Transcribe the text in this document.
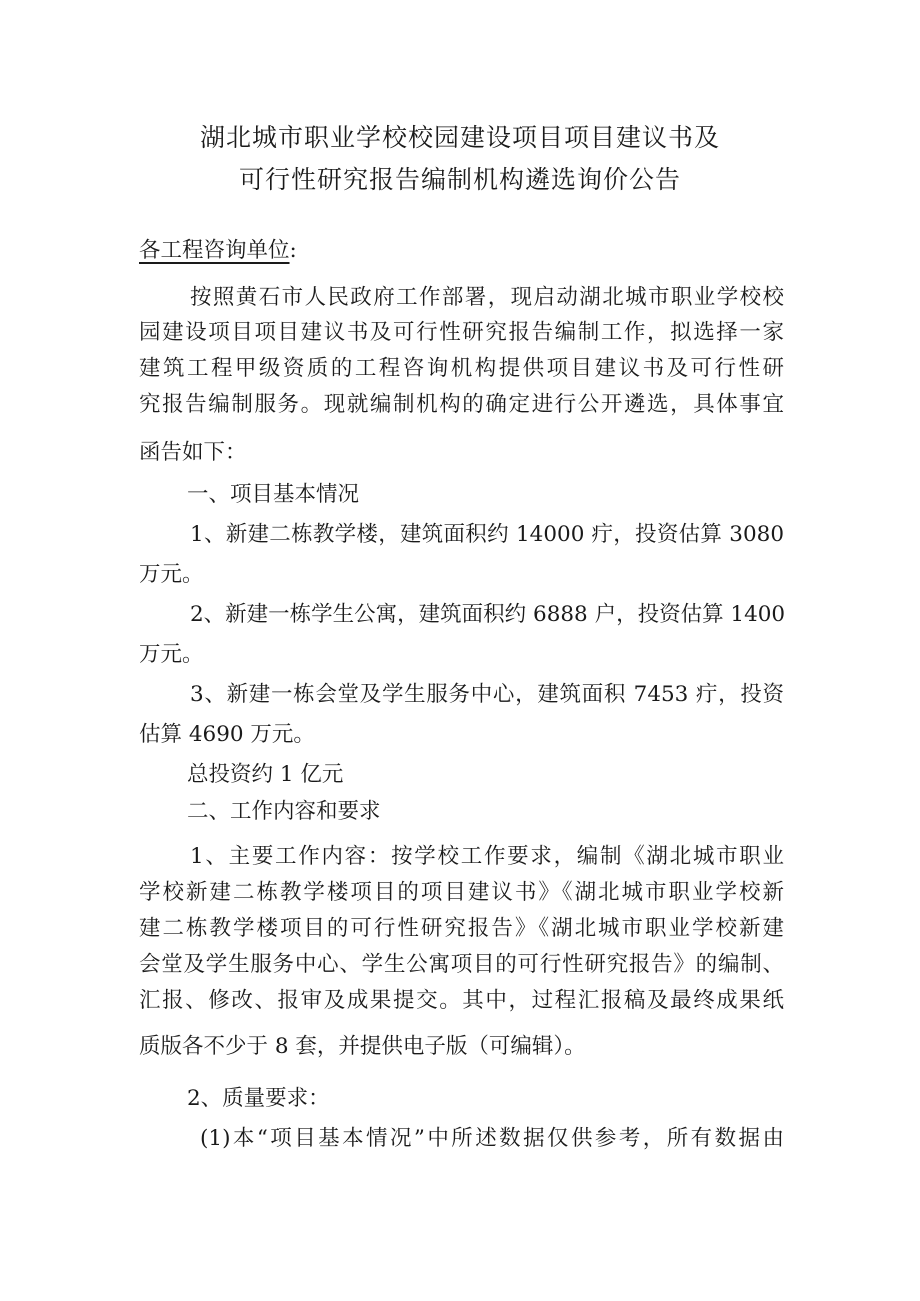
湖北城市职业学校校园建设项目项目建议书及
可行性研究报告编制机构遴选询价公告
各工程咨询单位:
按照黄石市人民政府工作部署，现启动湖北城市职业学校校
园建设项目项目建议书及可行性研究报告编制工作，拟选择一家
建筑工程甲级资质的工程咨询机构提供项目建议书及可行性研
究报告编制服务。现就编制机构的确定进行公开遴选，具体事宜
函告如下：
一、项目基本情况
1、新建二栋教学楼，建筑面积约 14000 疔，投资估算 3080
万元。
2、新建一栋学生公寓，建筑面积约 6888 户，投资估算 1400
万元。
3、新建一栋会堂及学生服务中心，建筑面积 7453 疔，投资
估算 4690 万元。
总投资约 1 亿元
二、工作内容和要求
1、主要工作内容：按学校工作要求，编制《湖北城市职业
学校新建二栋教学楼项目的项目建议书》《湖北城市职业学校新
建二栋教学楼项目的可行性研究报告》《湖北城市职业学校新建
会堂及学生服务中心、学生公寓项目的可行性研究报告》的编制、
汇报、修改、报审及成果提交。其中，过程汇报稿及最终成果纸
质版各不少于 8 套，并提供电子版（可编辑）。
2、质量要求：
(1)本“项目基本情况”中所述数据仅供参考，所有数据由
